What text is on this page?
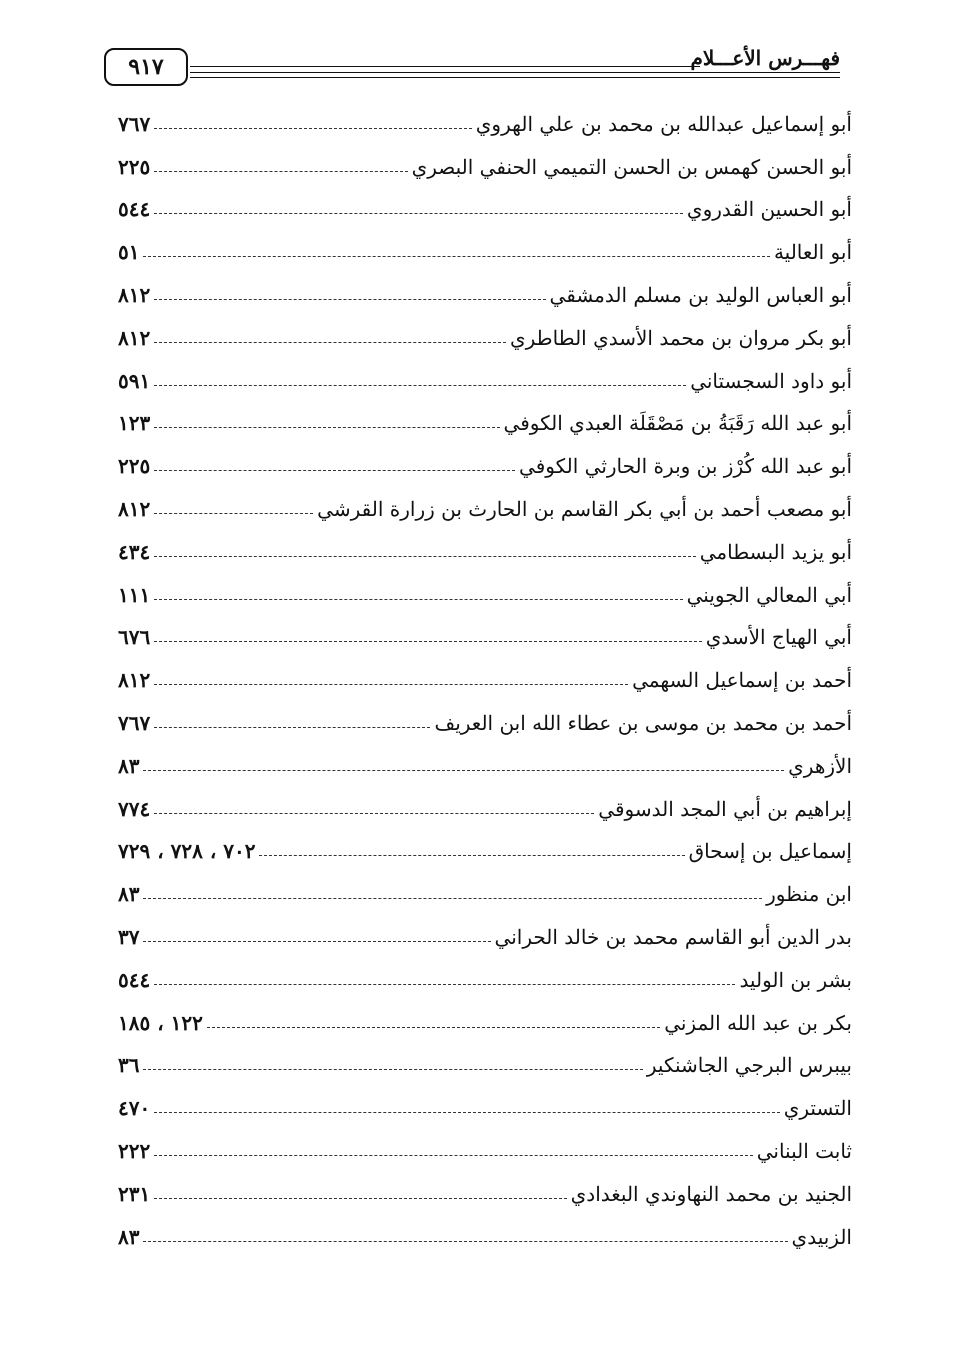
٩١٧	فهـــرس الأعـــلام
أبو إسماعيل عبدالله بن محمد بن علي الهروي
٧٦٧
أبو الحسن كهمس بن الحسن التميمي الحنفي البصري
٢٢٥
أبو الحسين القدروي
٥٤٤
أبو العالية
٥١
أبو العباس الوليد بن مسلم الدمشقي
٨١٢
أبو بكر مروان بن محمد الأسدي الطاطري
٨١٢
أبو داود السجستاني
٥٩١
أبو عبد الله رَقَبَةُ بن مَصْقَلَة العبدي الكوفي
١٢٣
أبو عبد الله كُرْز بن وبرة الحارثي الكوفي
٢٢٥
أبو مصعب أحمد بن أبي بكر القاسم بن الحارث بن زرارة القرشي
٨١٢
أبو يزيد البسطامي
٤٣٤
أبي المعالي الجويني
١١١
أبي الهياج الأسدي
٦٧٦
أحمد بن إسماعيل السهمي
٨١٢
أحمد بن محمد بن موسى بن عطاء الله ابن العريف
٧٦٧
الأزهري
٨٣
إبراهيم بن أبي المجد الدسوقي
٧٧٤
إسماعيل بن إسحاق
٧٠٢ ، ٧٢٨ ، ٧٢٩
ابن منظور
٨٣
بدر الدين أبو القاسم محمد بن خالد الحراني
٣٧
بشر بن الوليد
٥٤٤
بكر بن عبد الله المزني
١٢٢ ، ١٨٥
بيبرس البرجي الجاشنكير
٣٦
التستري
٤٧٠
ثابت البناني
٢٢٢
الجنيد بن محمد النهاوندي البغدادي
٢٣١
الزبيدي
٨٣
